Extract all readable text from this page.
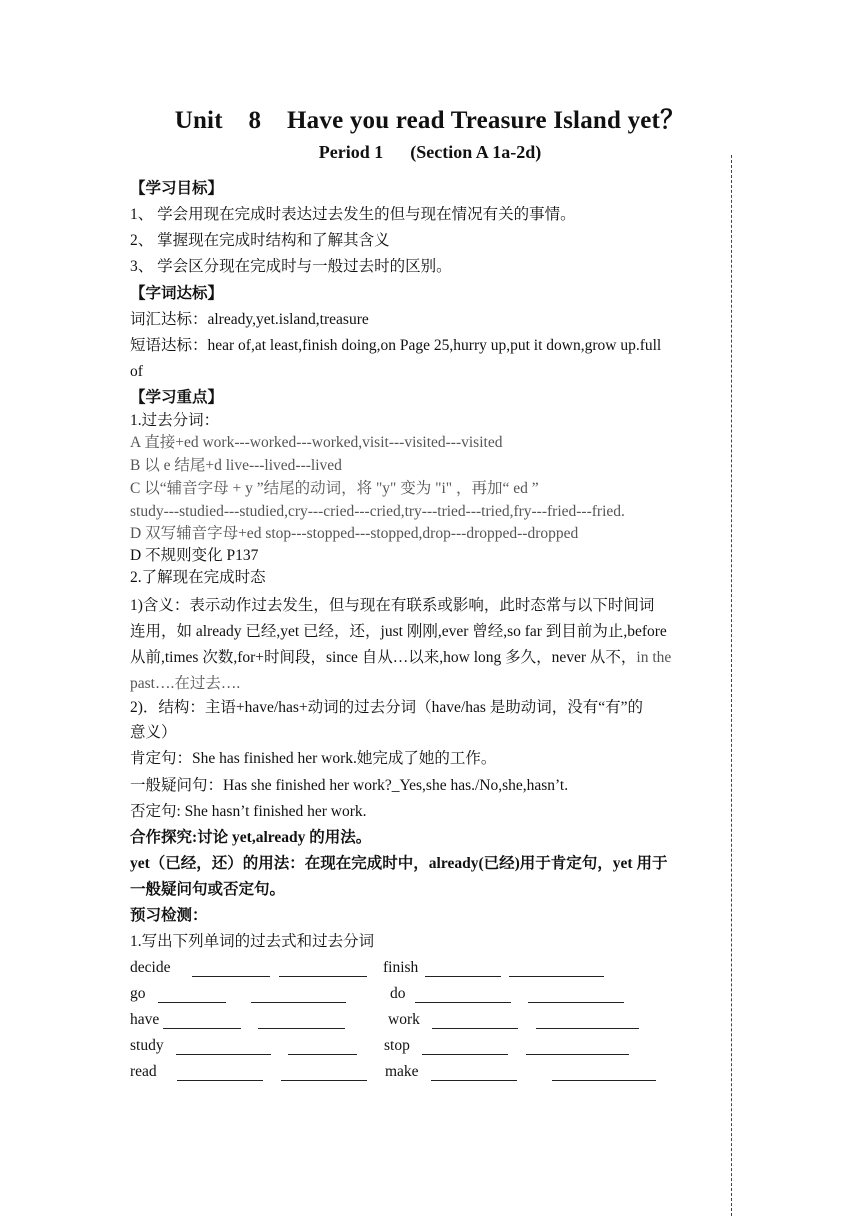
Unit    8    Have you read Treasure Island yet？
Period 1      (Section A 1a-2d)
【学习目标】
1、 学会用现在完成时表达过去发生的但与现在情况有关的事情。
2、 掌握现在完成时结构和了解其含义
3、 学会区分现在完成时与一般过去时的区别。
【字词达标】
词汇达标：already,yet.island,treasure
短语达标：hear of,at least,finish doing,on Page 25,hurry up,put it down,grow up.full
of
【学习重点】
1.过去分词：
A 直接+ed work---worked---worked,visit---visited---visited
B 以 e 结尾+d live---lived---lived
C 以“辅音字母 + y ”结尾的动词，将 "y" 变为 "i" ，再加“ ed ”
study---studied---studied,cry---cried---cried,try---tried---tried,fry---fried---fried.
D 双写辅音字母+ed stop---stopped---stopped,drop---dropped--dropped
D 不规则变化 P137
2.了解现在完成时态
1)含义：表示动作过去发生，但与现在有联系或影响，此时态常与以下时间词
连用，如 already 已经,yet 已经，还，just 刚刚,ever 曾经,so far 到目前为止,before
从前,times 次数,for+时间段，since 自从…以来,how long 多久，never 从不，in the
past….在过去….
2)．结构：主语+have/has+动词的过去分词（have/has 是助动词，没有“有”的
意义）
肯定句：She has finished her work.她完成了她的工作。
一般疑问句：Has she finished her work?_Yes,she has./No,she,hasn’t.
否定句: She hasn’t finished her work.
合作探究:讨论 yet,already 的用法。
yet（已经，还）的用法：在现在完成时中，already(已经)用于肯定句，yet 用于
一般疑问句或否定句。
预习检测：
1.写出下列单词的过去式和过去分词
decide	finish
go	do
have	work
study	stop
read	make
